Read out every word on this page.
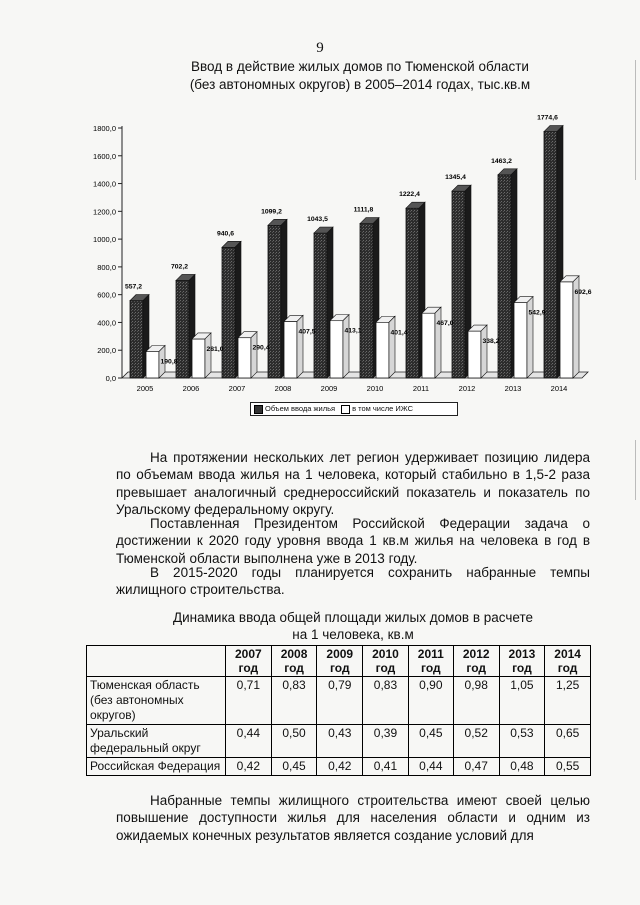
9
Ввод в действие жилых домов по Тюменской области
(без автономных округов) в 2005–2014 годах, тыс.кв.м
0,0
200,0
400,0
600,0
800,0
1000,0
1200,0
1400,0
1600,0
1800,0
2005
557,2
190,8
2006
702,2
281,0
2007
940,6
290,4
2008
1099,2
407,5
2009
1043,5
413,1
2010
1111,8
401,4
2011
1222,4
467,0
2012
1345,4
338,2
2013
1463,2
542,9
2014
1774,6
692,6
Объем ввода жилья	в том числе ИЖС

На протяжении нескольких лет регион удерживает позицию лидера по объемам ввода жилья на 1 человека, который стабильно в 1,5-2 раза превышает аналогичный среднероссийский показатель и показатель по Уральскому федеральному округу.

Поставленная Президентом Российской Федерации задача о достижении к 2020 году уровня ввода 1 кв.м жилья на человека в год в Тюменской области выполнена уже в 2013 году.

В 2015-2020 годы планируется сохранить набранные темпы жилищного строительства.

Динамика ввода общей площади жилых домов в расчете
на 1 человека, кв.м
	2007 год	2008 год	2009 год	2010 год	2011 год	2012 год	2013 год	2014 год
Тюменская область (без автономных округов)	0,71	0,83	0,79	0,83	0,90	0,98	1,05	1,25
Уральский федеральный округ	0,44	0,50	0,43	0,39	0,45	0,52	0,53	0,65
Российская Федерация	0,42	0,45	0,42	0,41	0,44	0,47	0,48	0,55

Набранные темпы жилищного строительства имеют своей целью повышение доступности жилья для населения области и одним из ожидаемых конечных результатов является создание условий для
